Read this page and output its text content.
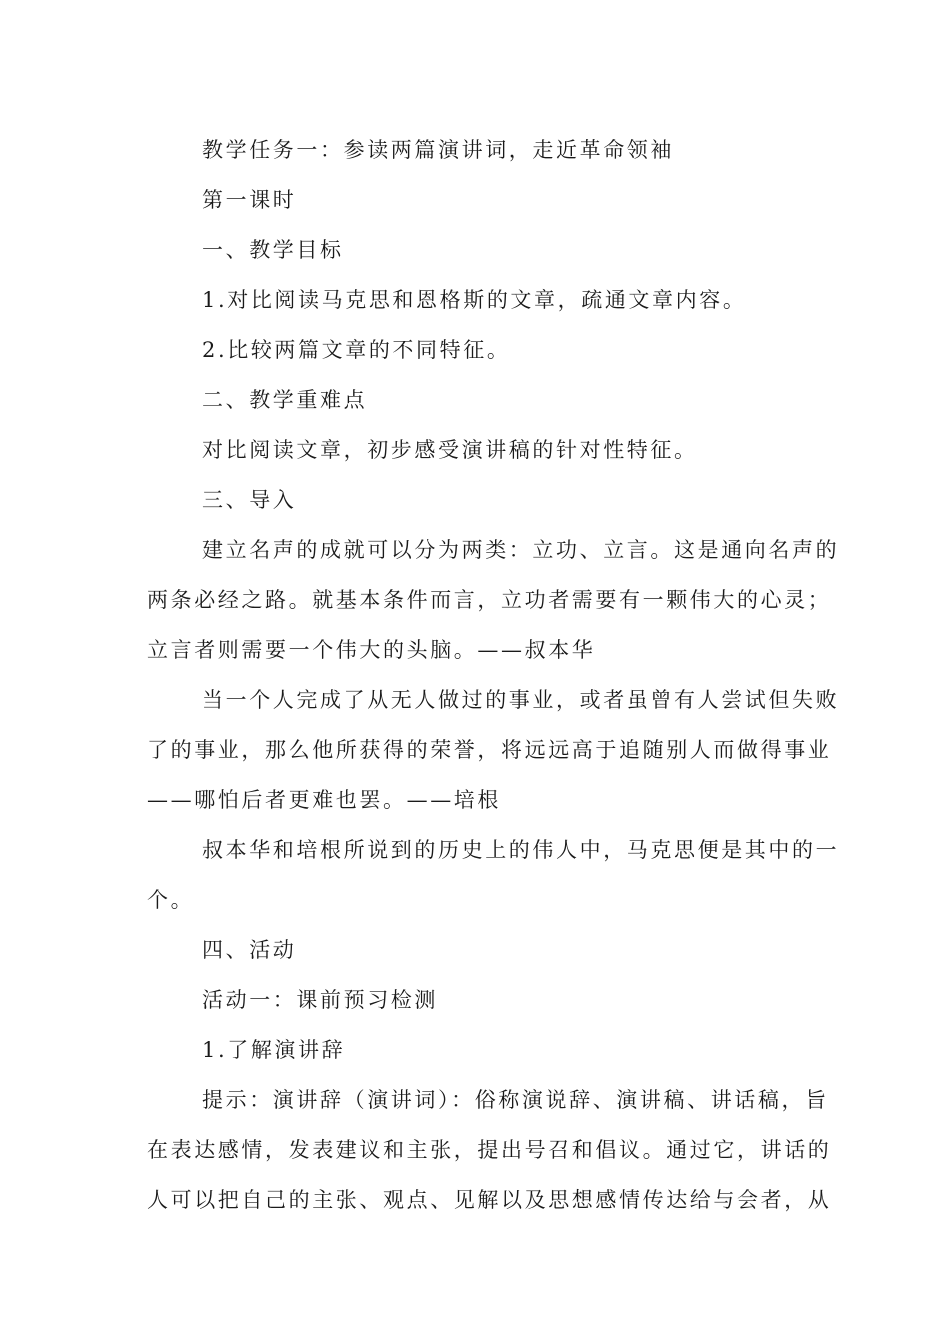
教学任务一：参读两篇演讲词，走近革命领袖
第一课时
一、教学目标
1.对比阅读马克思和恩格斯的文章，疏通文章内容。
2.比较两篇文章的不同特征。
二、教学重难点
对比阅读文章，初步感受演讲稿的针对性特征。
三、导入
建立名声的成就可以分为两类：立功、立言。这是通向名声的
两条必经之路。就基本条件而言，立功者需要有一颗伟大的心灵；
立言者则需要一个伟大的头脑。——叔本华
当一个人完成了从无人做过的事业，或者虽曾有人尝试但失败
了的事业，那么他所获得的荣誉，将远远高于追随别人而做得事业
——哪怕后者更难也罢。——培根
叔本华和培根所说到的历史上的伟人中，马克思便是其中的一
个。
四、活动
活动一：课前预习检测
1.了解演讲辞
提示：演讲辞（演讲词）：俗称演说辞、演讲稿、讲话稿，旨
在表达感情，发表建议和主张，提出号召和倡议。通过它，讲话的
人可以把自己的主张、观点、见解以及思想感情传达给与会者，从
